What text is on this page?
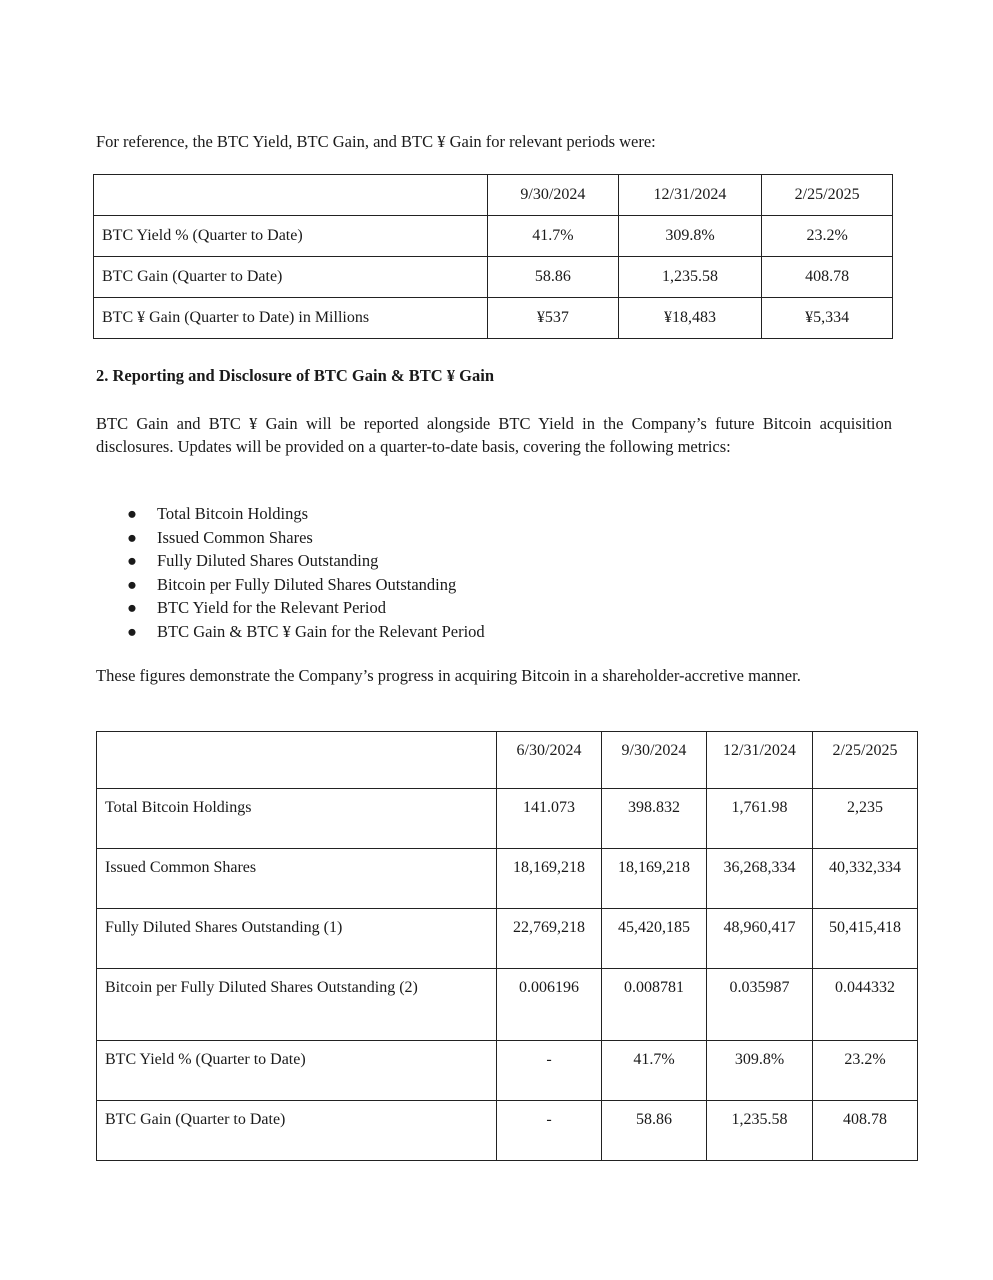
For reference, the BTC Yield, BTC Gain, and BTC ¥ Gain for relevant periods were:
	9/30/2024	12/31/2024	2/25/2025
BTC Yield % (Quarter to Date)	41.7%	309.8%	23.2%
BTC Gain (Quarter to Date)	58.86	1,235.58	408.78
BTC ¥ Gain (Quarter to Date) in Millions	¥537	¥18,483	¥5,334
2. Reporting and Disclosure of BTC Gain & BTC ¥ Gain
BTC Gain and BTC ¥ Gain will be reported alongside BTC Yield in the Company’s future Bitcoin acquisition disclosures. Updates will be provided on a quarter-to-date basis, covering the following metrics:
● Total Bitcoin Holdings
● Issued Common Shares
● Fully Diluted Shares Outstanding
● Bitcoin per Fully Diluted Shares Outstanding
● BTC Yield for the Relevant Period
● BTC Gain & BTC ¥ Gain for the Relevant Period
These figures demonstrate the Company’s progress in acquiring Bitcoin in a shareholder-accretive manner.
	6/30/2024	9/30/2024	12/31/2024	2/25/2025
Total Bitcoin Holdings	141.073	398.832	1,761.98	2,235
Issued Common Shares	18,169,218	18,169,218	36,268,334	40,332,334
Fully Diluted Shares Outstanding (1)	22,769,218	45,420,185	48,960,417	50,415,418
Bitcoin per Fully Diluted Shares Outstanding (2)	0.006196	0.008781	0.035987	0.044332
BTC Yield % (Quarter to Date)	-	41.7%	309.8%	23.2%
BTC Gain (Quarter to Date)	-	58.86	1,235.58	408.78
